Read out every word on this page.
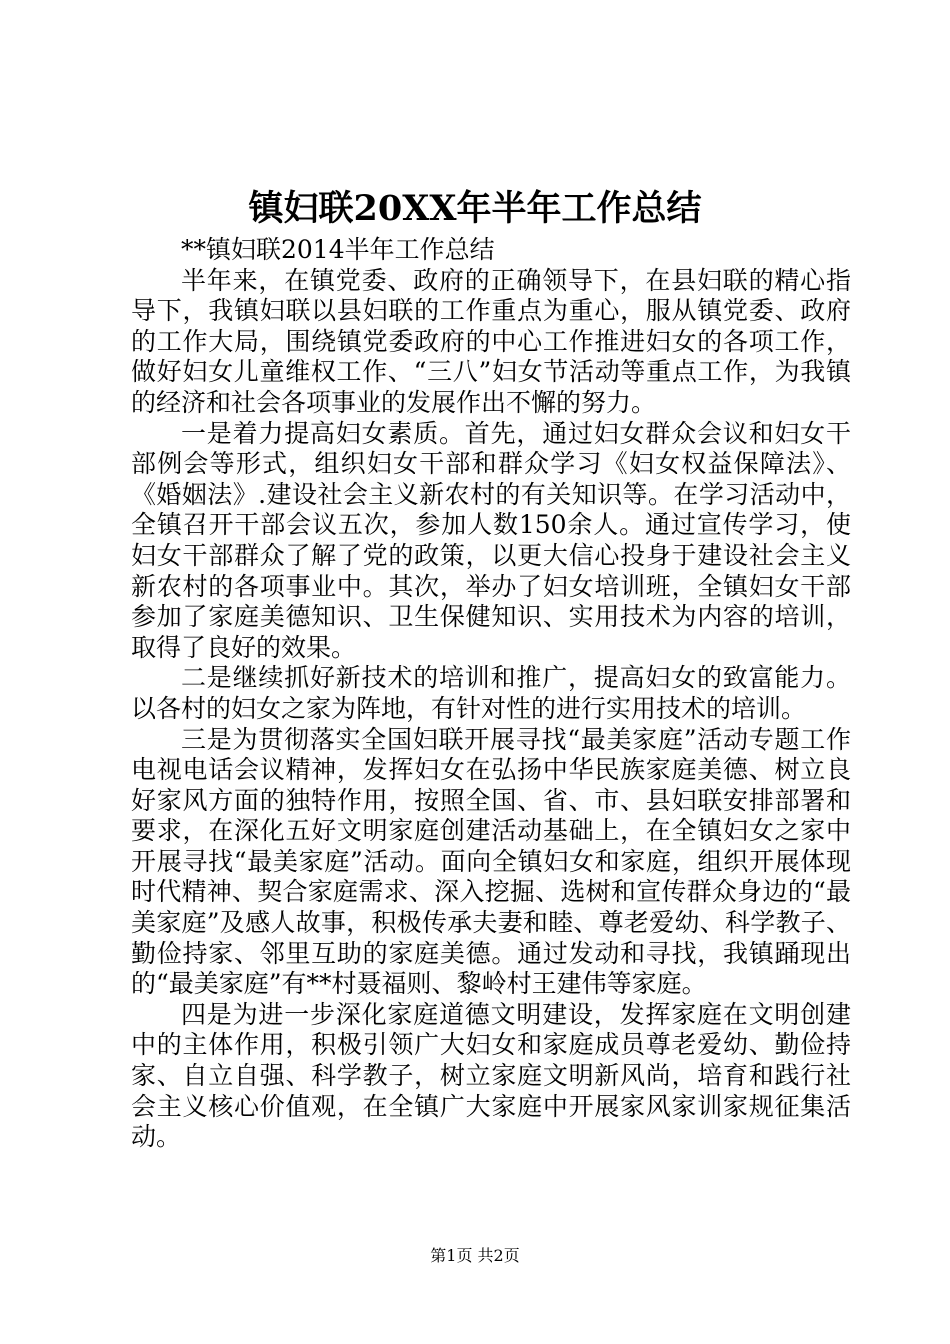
镇妇联20XX年半年工作总结

**镇妇联2014半年工作总结

半年来，在镇党委、政府的正确领导下，在县妇联的精心指导下，我镇妇联以县妇联的工作重点为重心，服从镇党委、政府的工作大局，围绕镇党委政府的中心工作推进妇女的各项工作，做好妇女儿童维权工作、“三八”妇女节活动等重点工作，为我镇的经济和社会各项事业的发展作出不懈的努力。

一是着力提高妇女素质。首先，通过妇女群众会议和妇女干部例会等形式，组织妇女干部和群众学习《妇女权益保障法》、《婚姻法》.建设社会主义新农村的有关知识等。在学习活动中，全镇召开干部会议五次，参加人数150余人。通过宣传学习，使妇女干部群众了解了党的政策，以更大信心投身于建设社会主义新农村的各项事业中。其次，举办了妇女培训班，全镇妇女干部参加了家庭美德知识、卫生保健知识、实用技术为内容的培训，取得了良好的效果。

二是继续抓好新技术的培训和推广，提高妇女的致富能力。以各村的妇女之家为阵地，有针对性的进行实用技术的培训。

三是为贯彻落实全国妇联开展寻找“最美家庭”活动专题工作电视电话会议精神，发挥妇女在弘扬中华民族家庭美德、树立良好家风方面的独特作用，按照全国、省、市、县妇联安排部署和要求，在深化五好文明家庭创建活动基础上，在全镇妇女之家中开展寻找“最美家庭”活动。面向全镇妇女和家庭，组织开展体现时代精神、契合家庭需求、深入挖掘、选树和宣传群众身边的“最美家庭”及感人故事，积极传承夫妻和睦、尊老爱幼、科学教子、勤俭持家、邻里互助的家庭美德。通过发动和寻找，我镇踊现出的“最美家庭”有**村聂福则、黎岭村王建伟等家庭。

四是为进一步深化家庭道德文明建设，发挥家庭在文明创建中的主体作用，积极引领广大妇女和家庭成员尊老爱幼、勤俭持家、自立自强、科学教子，树立家庭文明新风尚，培育和践行社会主义核心价值观，在全镇广大家庭中开展家风家训家规征集活动。

第1页 共2页
